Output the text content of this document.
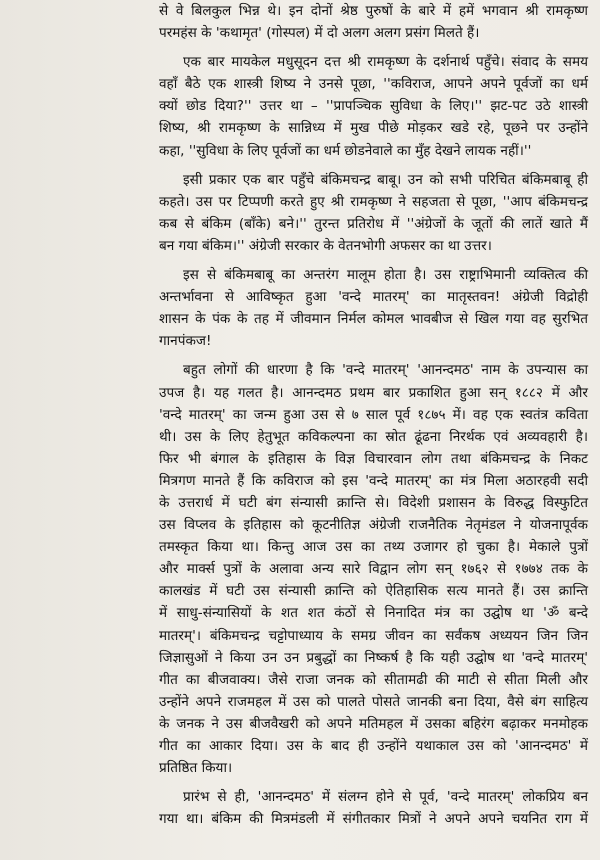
से वे बिलकुल भिन्न थे। इन दोनों श्रेष्ठ पुरुषों के बारे में हमें भगवान श्री रामकृष्ण
परमहंस के 'कथामृत' (गोस्पल) में दो अलग अलग प्रसंग मिलते हैं।

एक बार मायकेल मधुसूदन दत्त श्री रामकृष्ण के दर्शनार्थ पहुँचे। संवाद के समय
वहाँ बैठे एक शास्त्री शिष्य ने उनसे पूछा, ''कविराज, आपने अपने पूर्वजों का धर्म
क्यों छोड दिया?'' उत्तर था – ''प्रापञ्चिक सुविधा के लिए।'' झट-पट उठे शास्त्री
शिष्य, श्री रामकृष्ण के सान्निध्य में मुख पीछे मोड़कर खडे रहे, पूछने पर उन्होंने
कहा, ''सुविधा के लिए पूर्वजों का धर्म छोडनेवाले का मुँह देखने लायक नहीं।''

इसी प्रकार एक बार पहुँचे बंकिमचन्द्र बाबू। उन को सभी परिचित बंकिमबाबू ही
कहते। उस पर टिप्पणी करते हुए श्री रामकृष्ण ने सहजता से पूछा, ''आप बंकिमचन्द्र
कब से बंकिम (बाँके) बने।'' तुरन्त प्रतिरोध में ''अंग्रेजों के जूतों की लातें खाते मैं
बन गया बंकिम।'' अंग्रेजी सरकार के वेतनभोगी अफसर का था उत्तर।

इस से बंकिमबाबू का अन्तरंग मालूम होता है। उस राष्ट्राभिमानी व्यक्तित्व की
अन्तर्भावना से आविष्कृत हुआ 'वन्दे मातरम्' का मातृस्तवन! अंग्रेजी विद्रोही
शासन के पंक के तह में जीवमान निर्मल कोमल भावबीज से खिल गया वह सुरभित
गानपंकज!

बहुत लोगों की धारणा है कि 'वन्दे मातरम्' 'आनन्दमठ' नाम के उपन्यास का
उपज है। यह गलत है। आनन्दमठ प्रथम बार प्रकाशित हुआ सन् १८८२ में और
'वन्दे मातरम्' का जन्म हुआ उस से ७ साल पूर्व १८७५ में। वह एक स्वतंत्र कविता
थी। उस के लिए हेतुभूत कविकल्पना का स्रोत ढूंढना निरर्थक एवं अव्यवहारी है।
फिर भी बंगाल के इतिहास के विज्ञ विचारवान लोग तथा बंकिमचन्द्र के निकट
मित्रगण मानते हैं कि कविराज को इस 'वन्दे मातरम्' का मंत्र मिला अठारहवी सदी
के उत्तरार्ध में घटी बंग संन्यासी क्रान्ति से। विदेशी प्रशासन के विरुद्ध विस्फुटित
उस विप्लव के इतिहास को कूटनीतिज्ञ अंग्रेजी राजनैतिक नेतृमंडल ने योजनापूर्वक
तमस्कृत किया था। किन्तु आज उस का तथ्य उजागर हो चुका है। मेकाले पुत्रों
और मार्क्स पुत्रों के अलावा अन्य सारे विद्वान लोग सन् १७६२ से १७७४ तक के
कालखंड में घटी उस संन्यासी क्रान्ति को ऐतिहासिक सत्य मानते हैं। उस क्रान्ति
में साधु-संन्यासियों के शत शत कंठों से निनादित मंत्र का उद्घोष था 'ॐ बन्दे
मातरम्'। बंकिमचन्द्र चट्टोपाध्याय के समग्र जीवन का सर्वंकष अध्ययन जिन जिन
जिज्ञासुओं ने किया उन उन प्रबुद्धों का निष्कर्ष है कि यही उद्घोष था 'वन्दे मातरम्'
गीत का बीजवाक्य। जैसे राजा जनक को सीतामढी की माटी से सीता मिली और
उन्होंने अपने राजमहल में उस को पालते पोसते जानकी बना दिया, वैसे बंग साहित्य
के जनक ने उस बीजवैखरी को अपने मतिमहल में उसका बहिरंग बढ़ाकर मनमोहक
गीत का आकार दिया। उस के बाद ही उन्होंने यथाकाल उस को 'आनन्दमठ' में
प्रतिष्ठित किया।

प्रारंभ से ही, 'आनन्दमठ' में संलग्न होने से पूर्व, 'वन्दे मातरम्' लोकप्रिय बन
गया था। बंकिम की मित्रमंडली में संगीतकार मित्रों ने अपने अपने चयनित राग में
